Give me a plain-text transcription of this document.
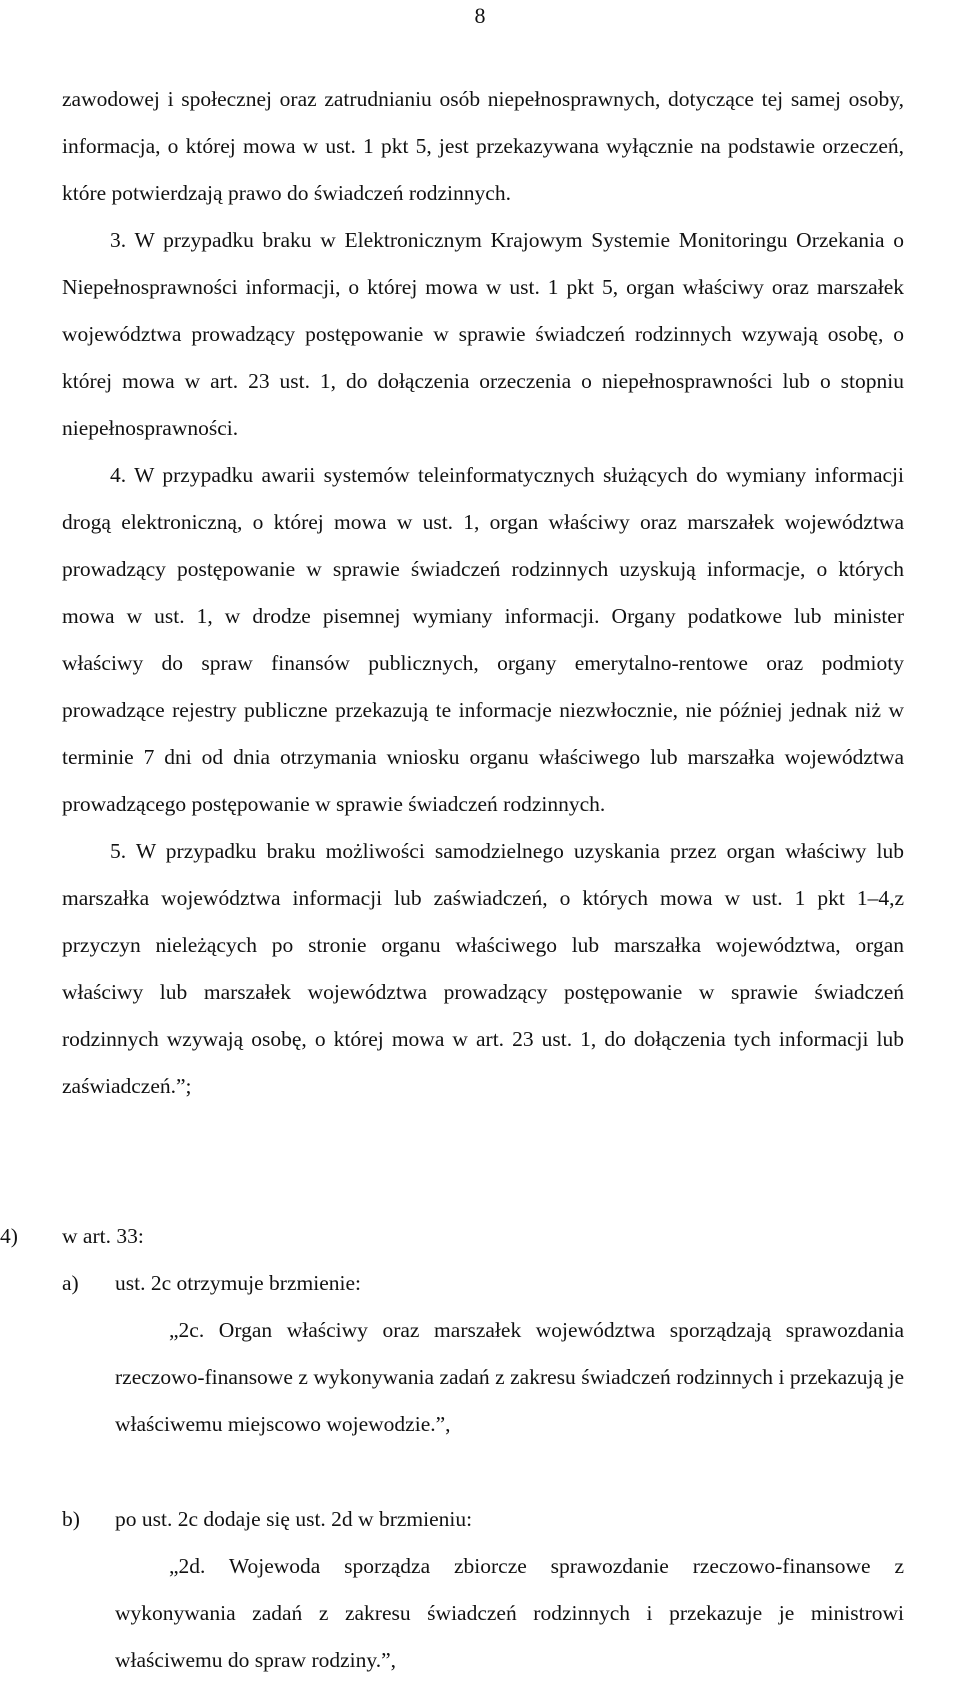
8

zawodowej i społecznej oraz zatrudnianiu osób niepełnosprawnych, dotyczące tej samej osoby, informacja, o której mowa w ust. 1 pkt 5, jest przekazywana wyłącznie na podstawie orzeczeń, które potwierdzają prawo do świadczeń rodzinnych.

3. W przypadku braku w Elektronicznym Krajowym Systemie Monitoringu Orzekania o Niepełnosprawności informacji, o której mowa w ust. 1 pkt 5, organ właściwy oraz marszałek województwa prowadzący postępowanie w sprawie świadczeń rodzinnych wzywają osobę, o której mowa w art. 23 ust. 1, do dołączenia orzeczenia o niepełnosprawności lub o stopniu niepełnosprawności.

4. W przypadku awarii systemów teleinformatycznych służących do wymiany informacji drogą elektroniczną, o której mowa w ust. 1, organ właściwy oraz marszałek województwa prowadzący postępowanie w sprawie świadczeń rodzinnych uzyskują informacje, o których mowa w ust. 1, w drodze pisemnej wymiany informacji. Organy podatkowe lub minister właściwy do spraw finansów publicznych, organy emerytalno-rentowe oraz podmioty prowadzące rejestry publiczne przekazują te informacje niezwłocznie, nie później jednak niż w terminie 7 dni od dnia otrzymania wniosku organu właściwego lub marszałka województwa prowadzącego postępowanie w sprawie świadczeń rodzinnych.

5. W przypadku braku możliwości samodzielnego uzyskania przez organ właściwy lub marszałka województwa informacji lub zaświadczeń, o których mowa w ust. 1 pkt 1–4,z przyczyn nieleżących po stronie organu właściwego lub marszałka województwa, organ właściwy lub marszałek województwa prowadzący postępowanie w sprawie świadczeń rodzinnych wzywają osobę, o której mowa w art. 23 ust. 1, do dołączenia tych informacji lub zaświadczeń.”;

4) w art. 33:
a) ust. 2c otrzymuje brzmienie:

„2c. Organ właściwy oraz marszałek województwa sporządzają sprawozdania rzeczowo-finansowe z wykonywania zadań z zakresu świadczeń rodzinnych i przekazują je właściwemu miejscowo wojewodzie.”,

b) po ust. 2c dodaje się ust. 2d w brzmieniu:

„2d. Wojewoda sporządza zbiorcze sprawozdanie rzeczowo-finansowe z wykonywania zadań z zakresu świadczeń rodzinnych i przekazuje je ministrowi właściwemu do spraw rodziny.”,
